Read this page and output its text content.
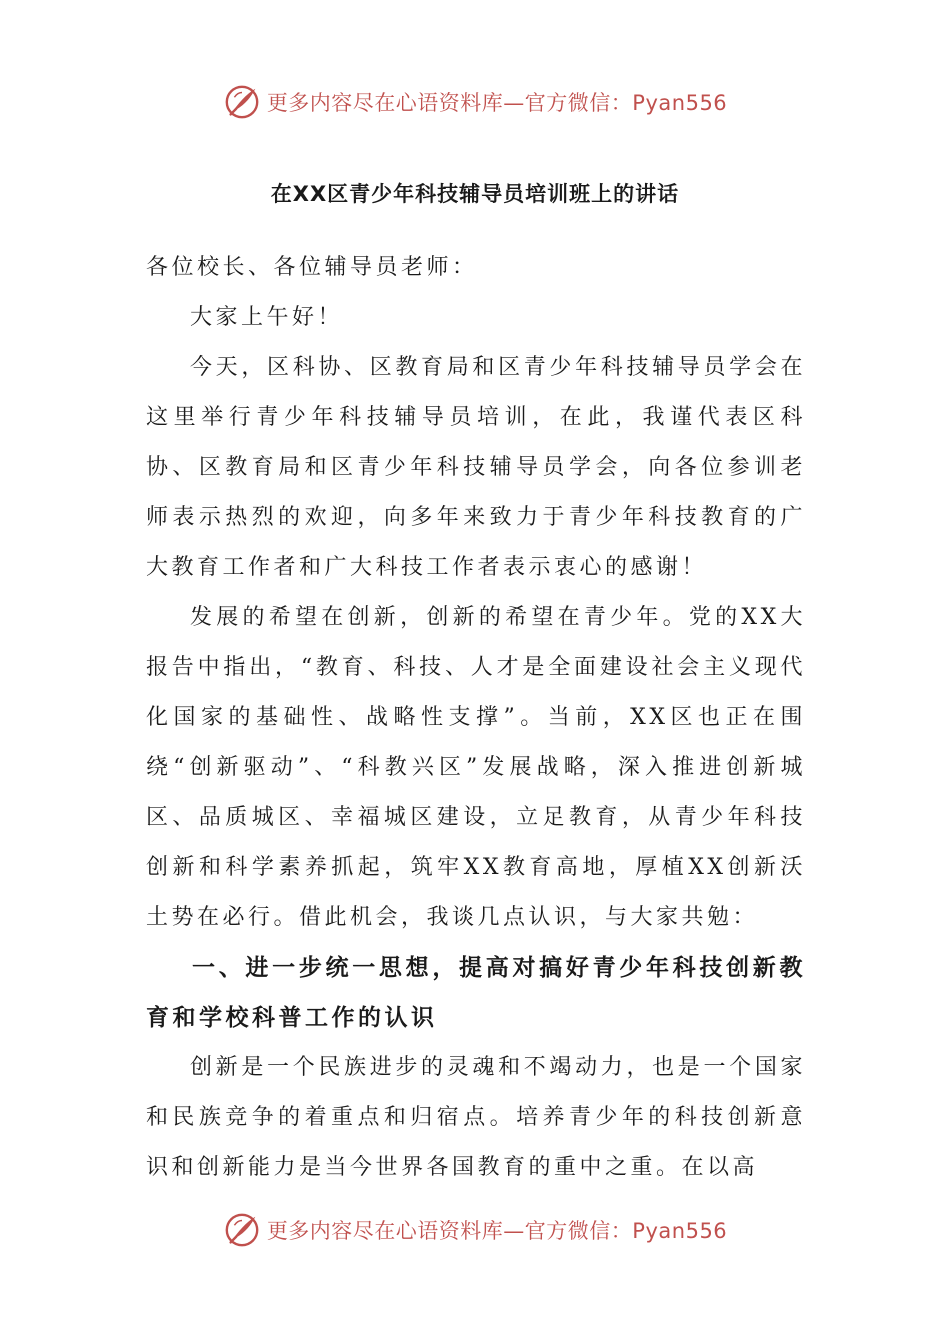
更多内容尽在心语资料库—官方微信：Pyan556
在XX区青少年科技辅导员培训班上的讲话

各位校长、各位辅导员老师：

大家上午好！

今天，区科协、区教育局和区青少年科技辅导员学会在这里举行青少年科技辅导员培训，在此，我谨代表区科协、区教育局和区青少年科技辅导员学会，向各位参训老师表示热烈的欢迎，向多年来致力于青少年科技教育的广大教育工作者和广大科技工作者表示衷心的感谢！

发展的希望在创新，创新的希望在青少年。党的XX大报告中指出，“教育、科技、人才是全面建设社会主义现代化国家的基础性、战略性支撑”。当前，XX区也正在围绕“创新驱动”、“科教兴区”发展战略，深入推进创新城区、品质城区、幸福城区建设，立足教育，从青少年科技创新和科学素养抓起，筑牢XX教育高地，厚植XX创新沃土势在必行。借此机会，我谈几点认识，与大家共勉：

一、进一步统一思想，提高对搞好青少年科技创新教育和学校科普工作的认识

创新是一个民族进步的灵魂和不竭动力，也是一个国家和民族竞争的着重点和归宿点。培养青少年的科技创新意识和创新能力是当今世界各国教育的重中之重。在以高

更多内容尽在心语资料库—官方微信：Pyan556
